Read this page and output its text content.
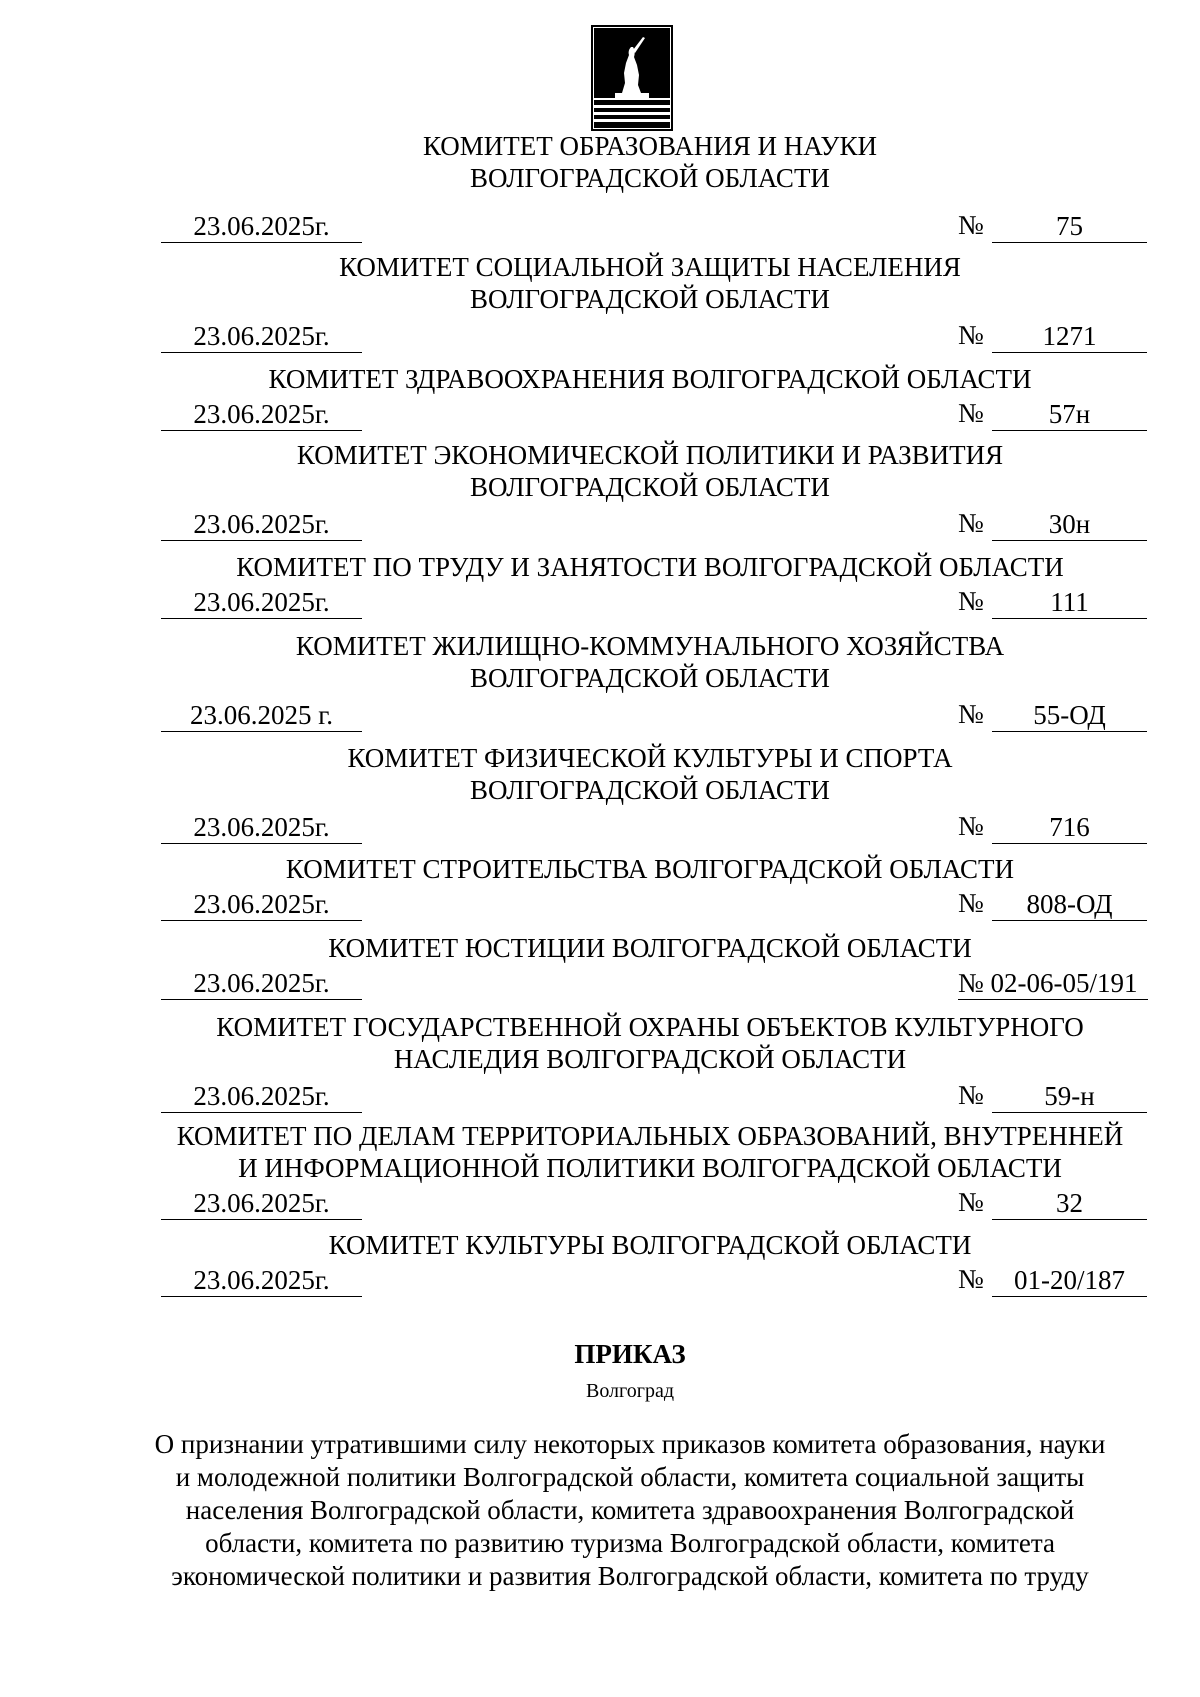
КОМИТЕТ ОБРАЗОВАНИЯ И НАУКИ
ВОЛГОГРАДСКОЙ ОБЛАСТИ
23.06.2025г.	№	75
КОМИТЕТ СОЦИАЛЬНОЙ ЗАЩИТЫ НАСЕЛЕНИЯ
ВОЛГОГРАДСКОЙ ОБЛАСТИ
23.06.2025г.	№	1271
КОМИТЕТ ЗДРАВООХРАНЕНИЯ ВОЛГОГРАДСКОЙ ОБЛАСТИ
23.06.2025г.	№	57н
КОМИТЕТ ЭКОНОМИЧЕСКОЙ ПОЛИТИКИ И РАЗВИТИЯ
ВОЛГОГРАДСКОЙ ОБЛАСТИ
23.06.2025г.	№	30н
КОМИТЕТ ПО ТРУДУ И ЗАНЯТОСТИ ВОЛГОГРАДСКОЙ ОБЛАСТИ
23.06.2025г.	№	111
КОМИТЕТ ЖИЛИЩНО-КОММУНАЛЬНОГО ХОЗЯЙСТВА
ВОЛГОГРАДСКОЙ ОБЛАСТИ
23.06.2025 г.	№	55-ОД
КОМИТЕТ ФИЗИЧЕСКОЙ КУЛЬТУРЫ И СПОРТА
ВОЛГОГРАДСКОЙ ОБЛАСТИ
23.06.2025г.	№	716
КОМИТЕТ СТРОИТЕЛЬСТВА ВОЛГОГРАДСКОЙ ОБЛАСТИ
23.06.2025г.	№	808-ОД
КОМИТЕТ ЮСТИЦИИ ВОЛГОГРАДСКОЙ ОБЛАСТИ
23.06.2025г.	№ 02-06-05/191
КОМИТЕТ ГОСУДАРСТВЕННОЙ ОХРАНЫ ОБЪЕКТОВ КУЛЬТУРНОГО
НАСЛЕДИЯ ВОЛГОГРАДСКОЙ ОБЛАСТИ
23.06.2025г.	№	59-н
КОМИТЕТ ПО ДЕЛАМ ТЕРРИТОРИАЛЬНЫХ ОБРАЗОВАНИЙ, ВНУТРЕННЕЙ
И ИНФОРМАЦИОННОЙ ПОЛИТИКИ ВОЛГОГРАДСКОЙ ОБЛАСТИ
23.06.2025г.	№	32
КОМИТЕТ КУЛЬТУРЫ ВОЛГОГРАДСКОЙ ОБЛАСТИ
23.06.2025г.	№	01-20/187
ПРИКАЗ
Волгоград
О признании утратившими силу некоторых приказов комитета образования, науки
и молодежной политики Волгоградской области, комитета социальной защиты
населения Волгоградской области, комитета здравоохранения Волгоградской
области, комитета по развитию туризма Волгоградской области, комитета
экономической политики и развития Волгоградской области, комитета по труду
